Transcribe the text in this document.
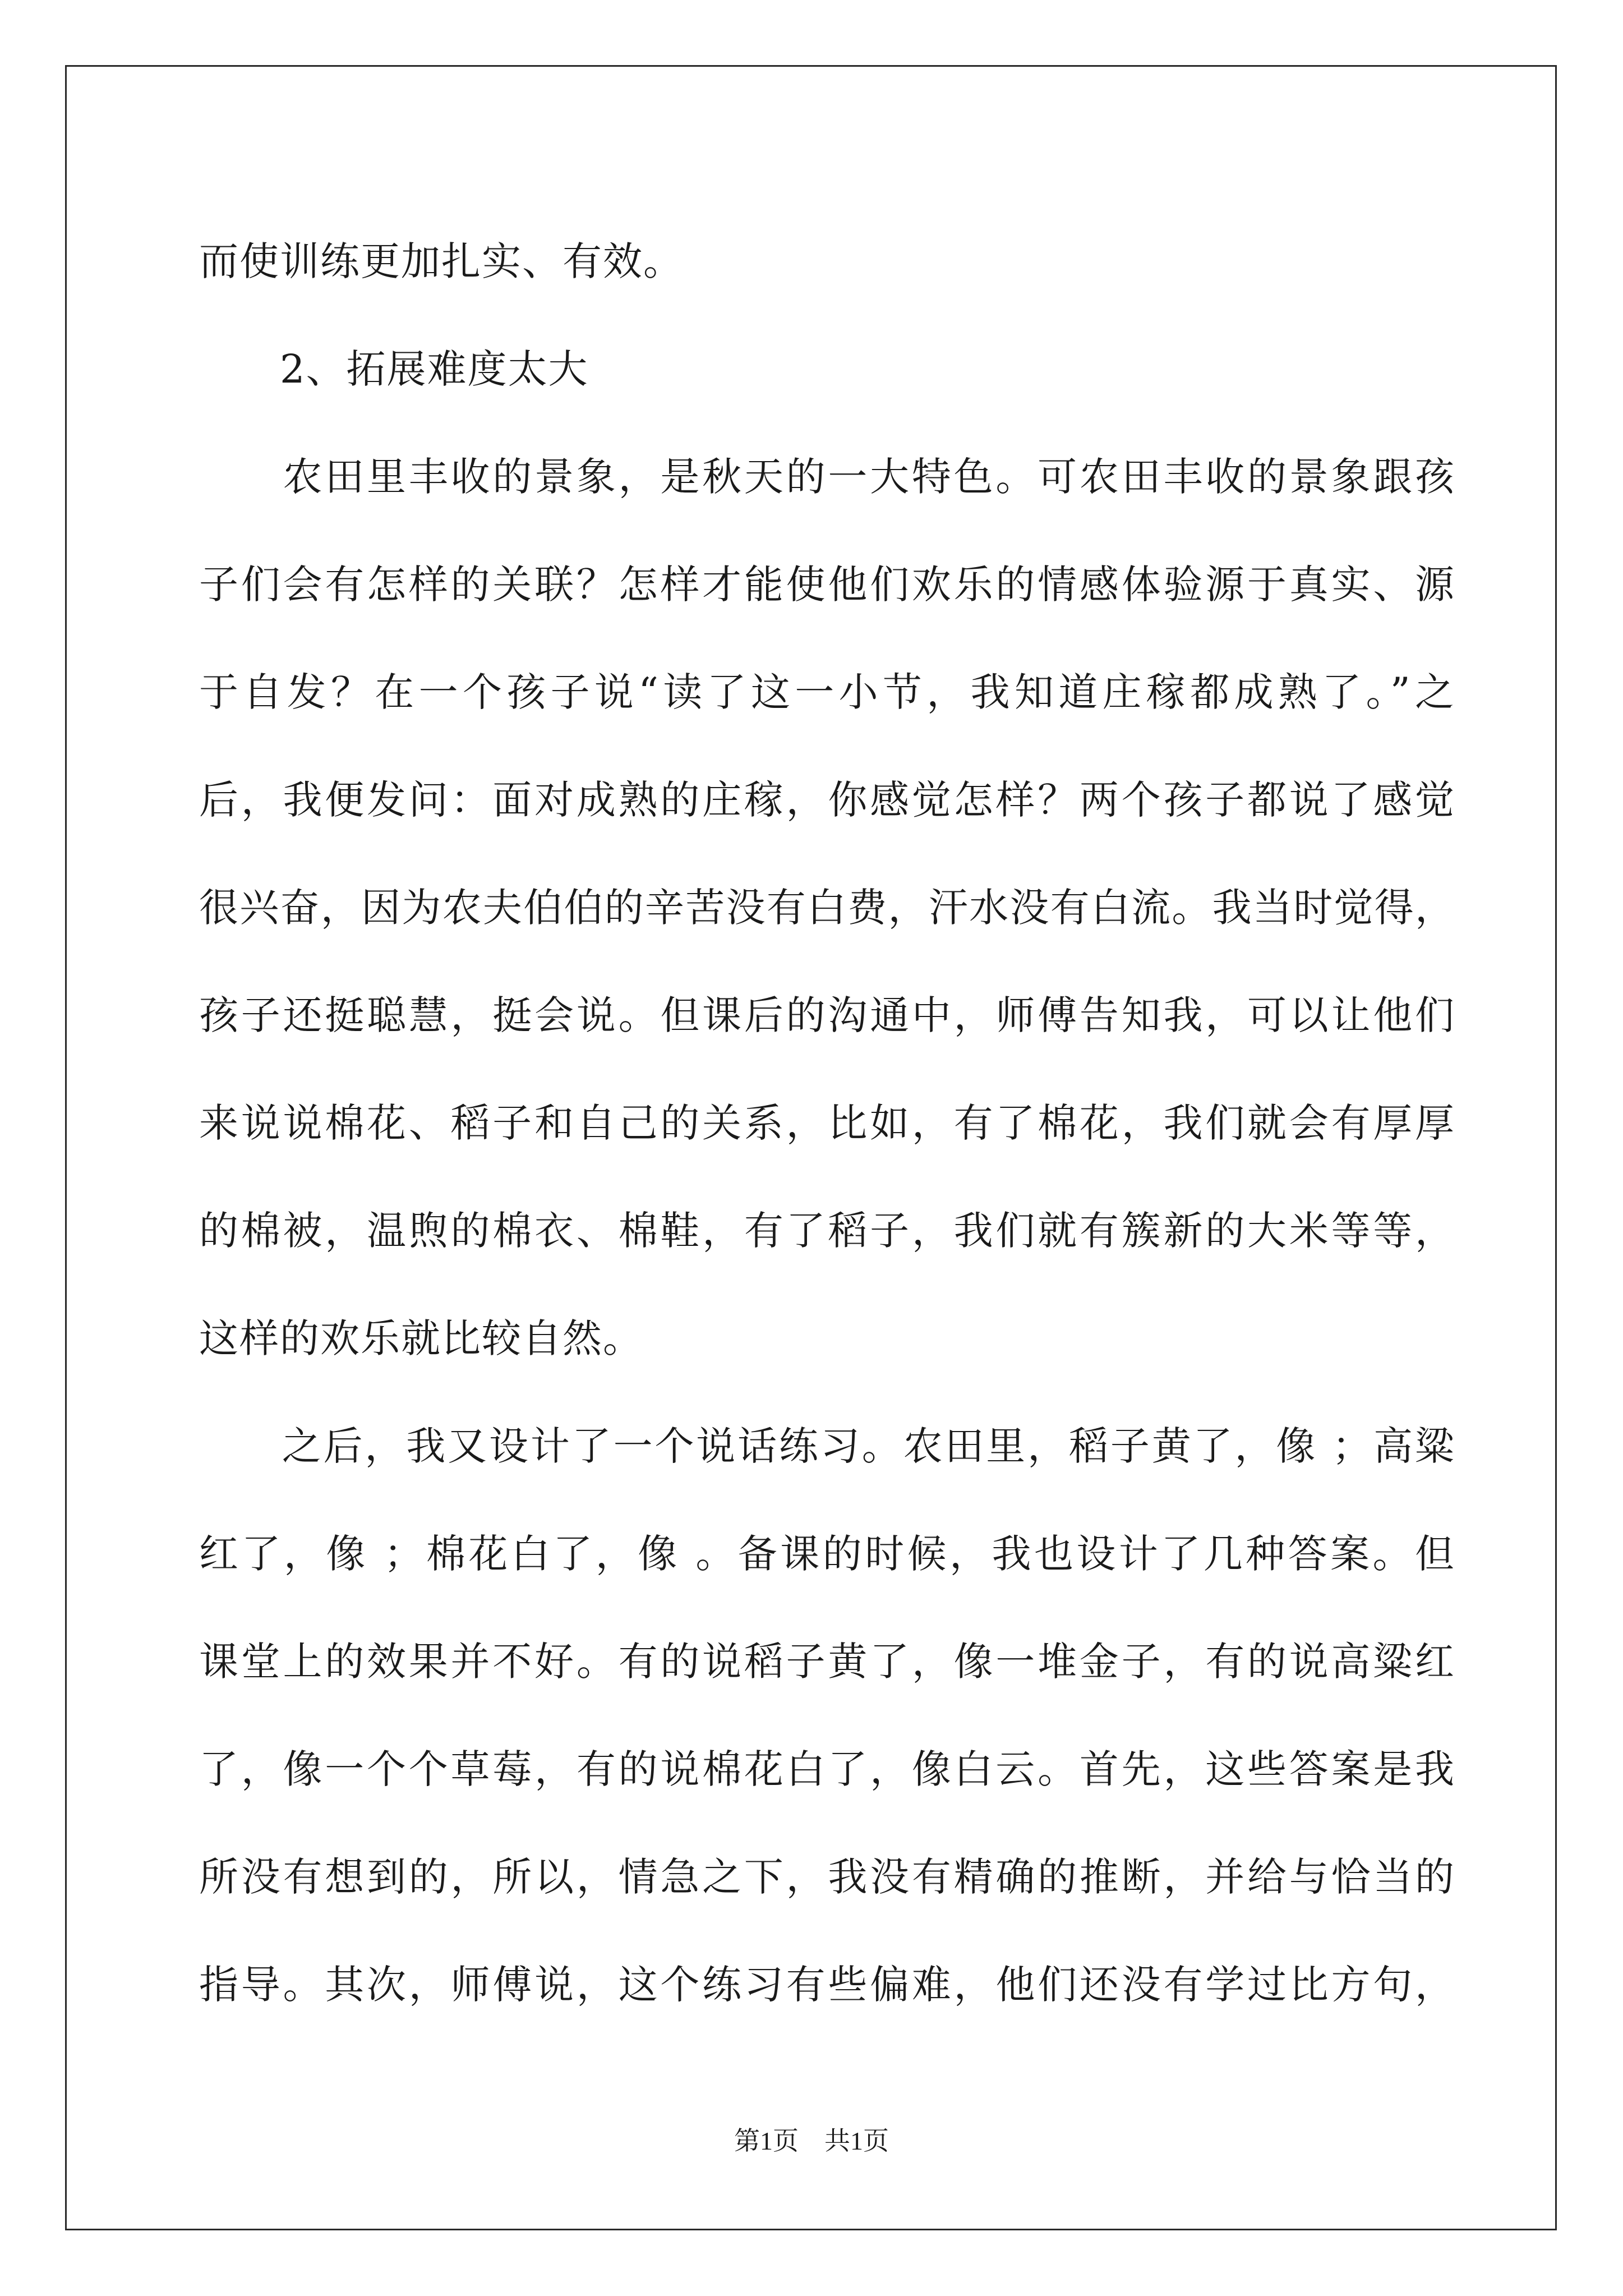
而使训练更加扎实、有效。
　　2、拓展难度太大
　　农田里丰收的景象，是秋天的一大特色。可农田丰收的景象跟孩
子们会有怎样的关联？怎样才能使他们欢乐的情感体验源于真实、源
于自发？在一个孩子说“读了这一小节，我知道庄稼都成熟了。”之
后，我便发问：面对成熟的庄稼，你感觉怎样？两个孩子都说了感觉
很兴奋，因为农夫伯伯的辛苦没有白费，汗水没有白流。我当时觉得，
孩子还挺聪慧，挺会说。但课后的沟通中，师傅告知我，可以让他们
来说说棉花、稻子和自己的关系，比如，有了棉花，我们就会有厚厚
的棉被，温煦的棉衣、棉鞋，有了稻子，我们就有簇新的大米等等，
这样的欢乐就比较自然。
　　之后，我又设计了一个说话练习。农田里，稻子黄了，像 ；高粱
红了，像 ；棉花白了，像 。备课的时候，我也设计了几种答案。但
课堂上的效果并不好。有的说稻子黄了，像一堆金子，有的说高粱红
了，像一个个草莓，有的说棉花白了，像白云。首先，这些答案是我
所没有想到的，所以，情急之下，我没有精确的推断，并给与恰当的
指导。其次，师傅说，这个练习有些偏难，他们还没有学过比方句，
第1页　共1页
